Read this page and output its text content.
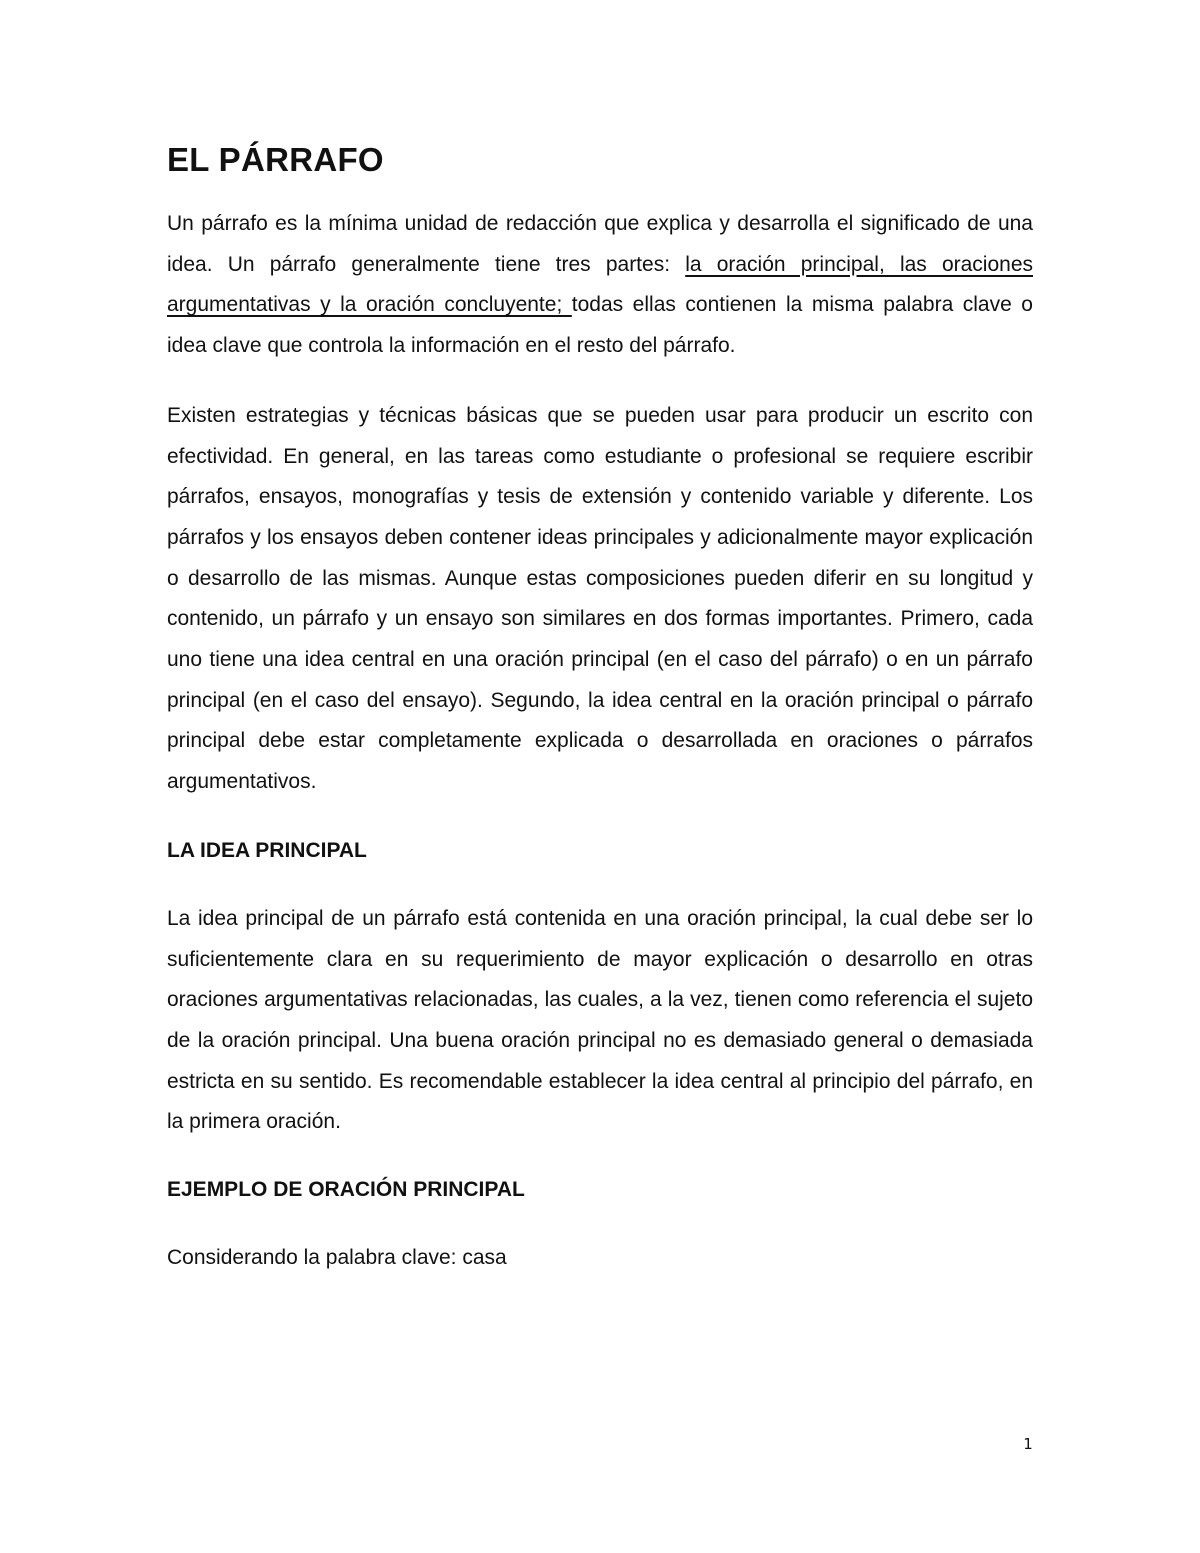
EL PÁRRAFO

Un párrafo es la mínima unidad de redacción que explica y desarrolla el significado de una idea. Un párrafo generalmente tiene tres partes: la oración principal, las oraciones argumentativas y la oración concluyente; todas ellas contienen la misma palabra clave o idea clave que controla la información en el resto del párrafo.

Existen estrategias y técnicas básicas que se pueden usar para producir un escrito con efectividad. En general, en las tareas como estudiante o profesional se requiere escribir párrafos, ensayos, monografías y tesis de extensión y contenido variable y diferente. Los párrafos y los ensayos deben contener ideas principales y adicionalmente mayor explicación o desarrollo de las mismas. Aunque estas composiciones pueden diferir en su longitud y contenido, un párrafo y un ensayo son similares en dos formas importantes. Primero, cada uno tiene una idea central en una oración principal (en el caso del párrafo) o en un párrafo principal (en el caso del ensayo). Segundo, la idea central en la oración principal o párrafo principal debe estar completamente explicada o desarrollada en oraciones o párrafos argumentativos.

LA IDEA PRINCIPAL

La idea principal de un párrafo está contenida en una oración principal, la cual debe ser lo suficientemente clara en su requerimiento de mayor explicación o desarrollo en otras oraciones argumentativas relacionadas, las cuales, a la vez, tienen como referencia el sujeto de la oración principal. Una buena oración principal no es demasiado general o demasiada estricta en su sentido. Es recomendable establecer la idea central al principio del párrafo, en la primera oración.

EJEMPLO DE ORACIÓN PRINCIPAL

Considerando la palabra clave: casa

1
